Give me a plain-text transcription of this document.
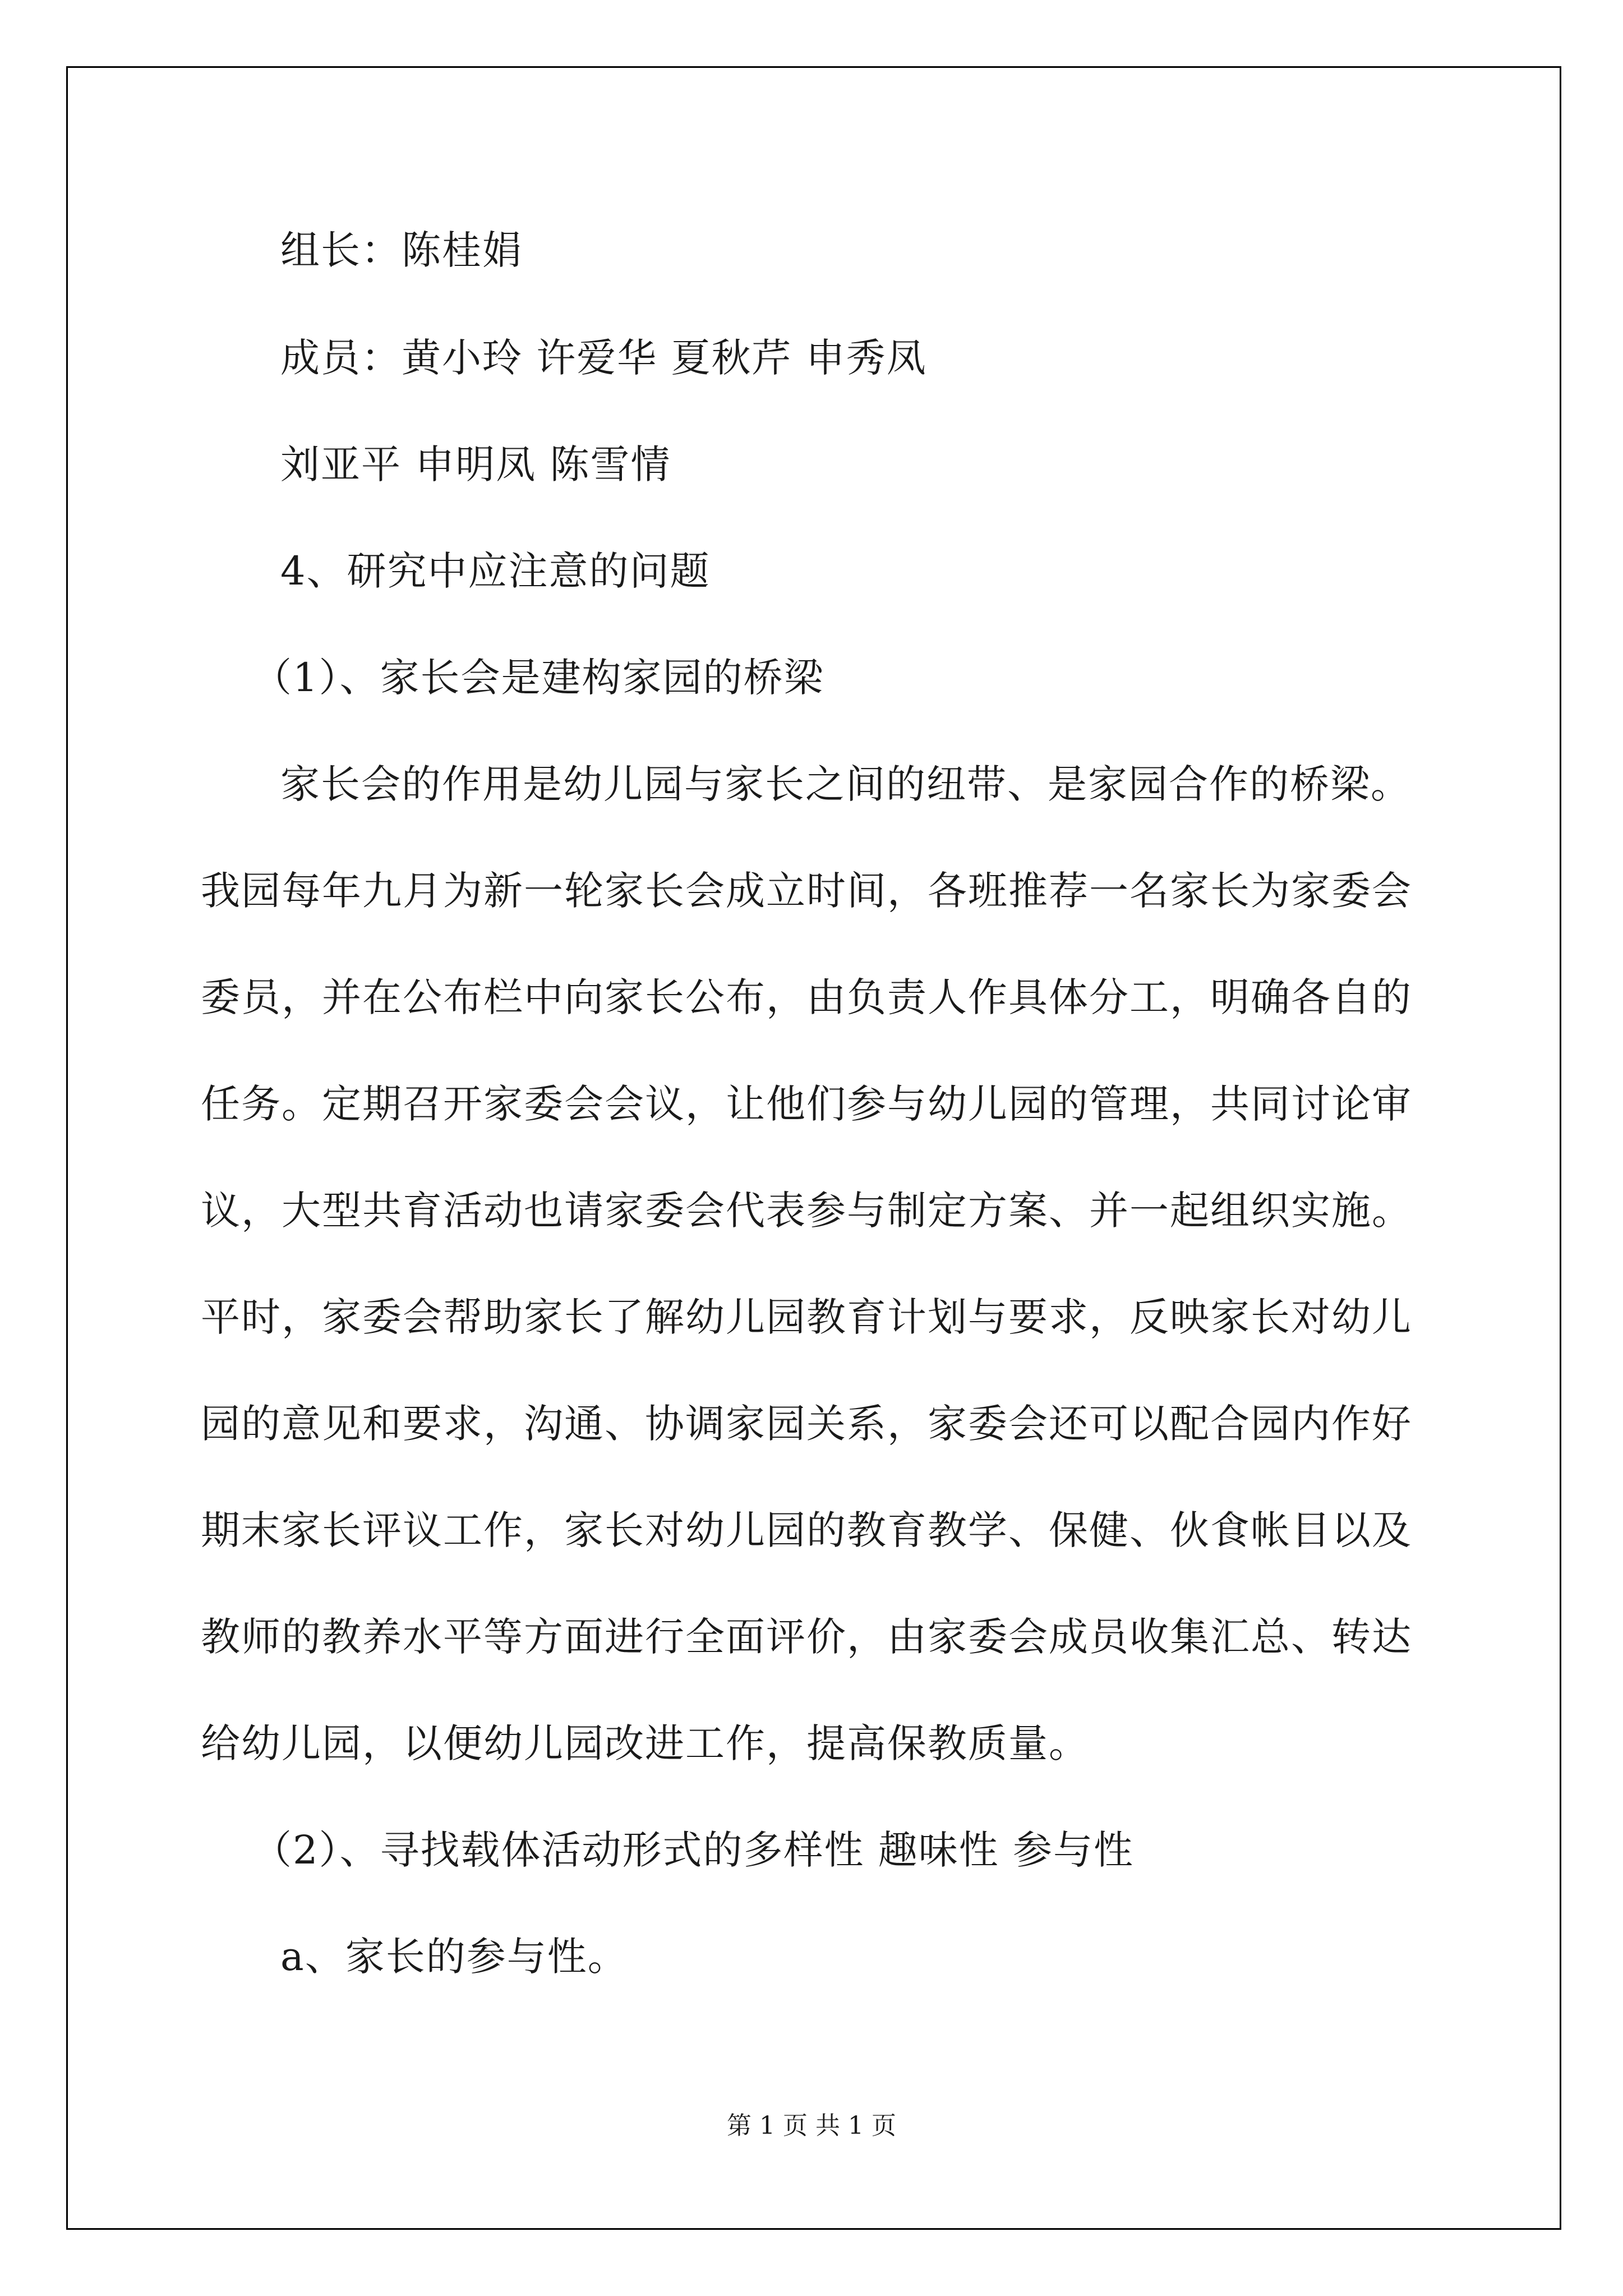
组长：陈桂娟
成员：黄小玲 许爱华 夏秋芹 申秀凤
刘亚平 申明凤 陈雪情
4、研究中应注意的问题
（1）、家长会是建构家园的桥梁
家长会的作用是幼儿园与家长之间的纽带、是家园合作的桥梁。
我园每年九月为新一轮家长会成立时间，各班推荐一名家长为家委会
委员，并在公布栏中向家长公布，由负责人作具体分工，明确各自的
任务。定期召开家委会会议，让他们参与幼儿园的管理，共同讨论审
议，大型共育活动也请家委会代表参与制定方案、并一起组织实施。
平时，家委会帮助家长了解幼儿园教育计划与要求，反映家长对幼儿
园的意见和要求，沟通、协调家园关系，家委会还可以配合园内作好
期末家长评议工作，家长对幼儿园的教育教学、保健、伙食帐目以及
教师的教养水平等方面进行全面评价，由家委会成员收集汇总、转达
给幼儿园，以便幼儿园改进工作，提高保教质量。
（2）、寻找载体活动形式的多样性 趣味性 参与性
a、家长的参与性。
第 1 页 共 1 页
